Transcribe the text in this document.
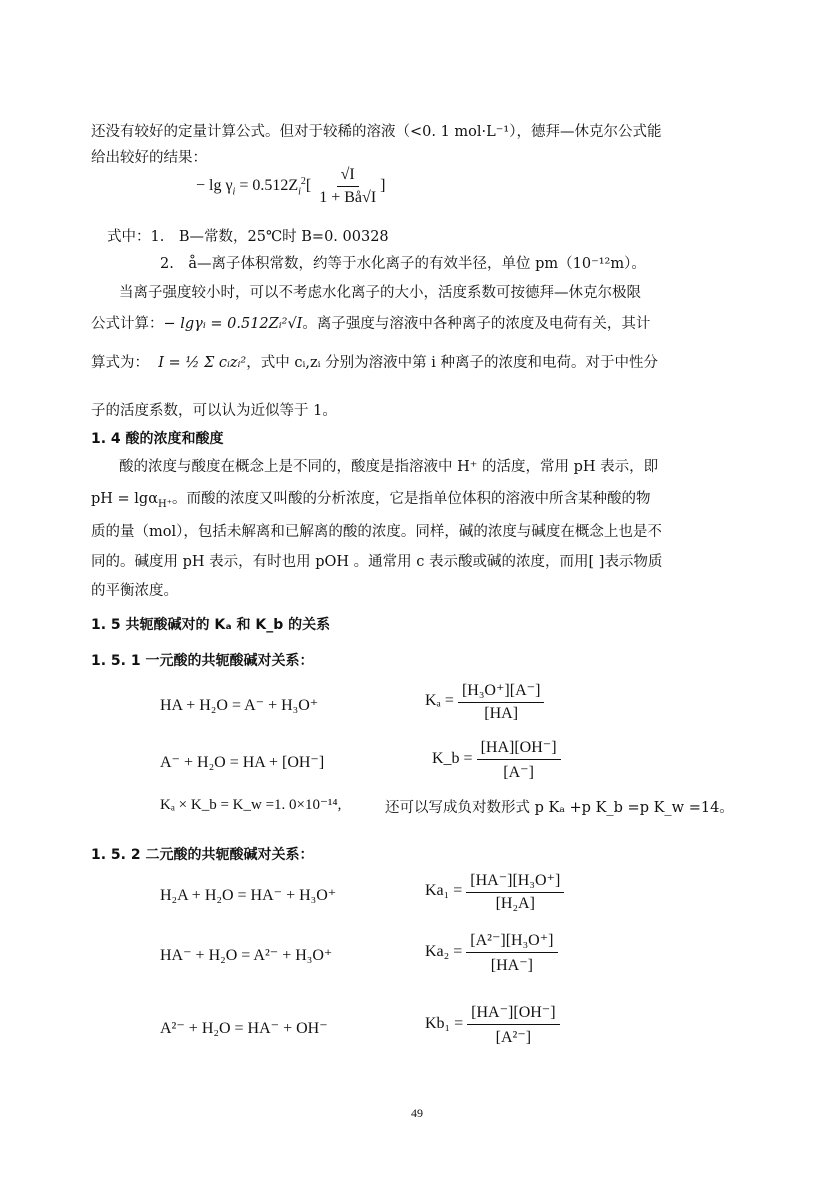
还没有较好的定量计算公式。但对于较稀的溶液（<0. 1 mol·L⁻¹），德拜—休克尔公式能
给出较好的结果：
− $\lg \gamma_i = 0.512Z_i^2[ \frac{√I}{1 + Bå√I}$ ]
式中：1.　B—常数，25℃时 B=0. 00328
2.　å—离子体积常数，约等于水化离子的有效半径，单位 pm（10⁻¹²m）。
当离子强度较小时，可以不考虑水化离子的大小，活度系数可按德拜—休克尔极限
公式计算：− lgγᵢ = 0.512Zᵢ²√I。离子强度与溶液中各种离子的浓度及电荷有关，其计
算式为： I = ½ Σ cᵢzᵢ²，式中 cᵢ,zᵢ 分别为溶液中第 i 种离子的浓度和电荷。对于中性分
子的活度系数，可以认为近似等于 1。
1. 4 酸的浓度和酸度
酸的浓度与酸度在概念上是不同的，酸度是指溶液中 H⁺ 的活度，常用 pH 表示，即
pH = lgα$_{H^+}$。而酸的浓度又叫酸的分析浓度，它是指单位体积的溶液中所含某种酸的物
质的量（mol），包括未解离和已解离的酸的浓度。同样，碱的浓度与碱度在概念上也是不
同的。碱度用 pH 表示，有时也用 pOH 。通常用 c 表示酸或碱的浓度，而用[ ]表示物质
的平衡浓度。
1. 5 共轭酸碱对的 Kₐ 和 K_b 的关系
1. 5. 1 一元酸的共轭酸碱对关系：
HA + H₂O = A⁻ + H₃O⁺	$K_a = \frac{\text{[H₃O⁺][A⁻]}}{[HA]}$
A⁻ + H₂O = HA + [OH⁻]	K_b = $\frac{[HA][OH^-]}{[A^-]}$
Kₐ × K_b = K_w =1. 0×10⁻¹⁴,	还可以写成负对数形式 p Kₐ +p K_b =p K_w =14。
1. 5. 2 二元酸的共轭酸碱对关系：
H₂A + H₂O = HA⁻ + H₃O⁺	$Ka_1 = \frac{\text{[HA⁻][H₃O⁺]}}{\text{[H₂A]}}$
HA⁻ + H₂O = A²⁻ + H₃O⁺	$Ka_2 = \frac{\text{[A²⁻][H₃O⁺]}}{[HA^-]}$
A²⁻ + H₂O = HA⁻ + OH⁻	$Kb_1 = \frac{[HA^-][OH^-]}{\text{[A²⁻]}}$
49
